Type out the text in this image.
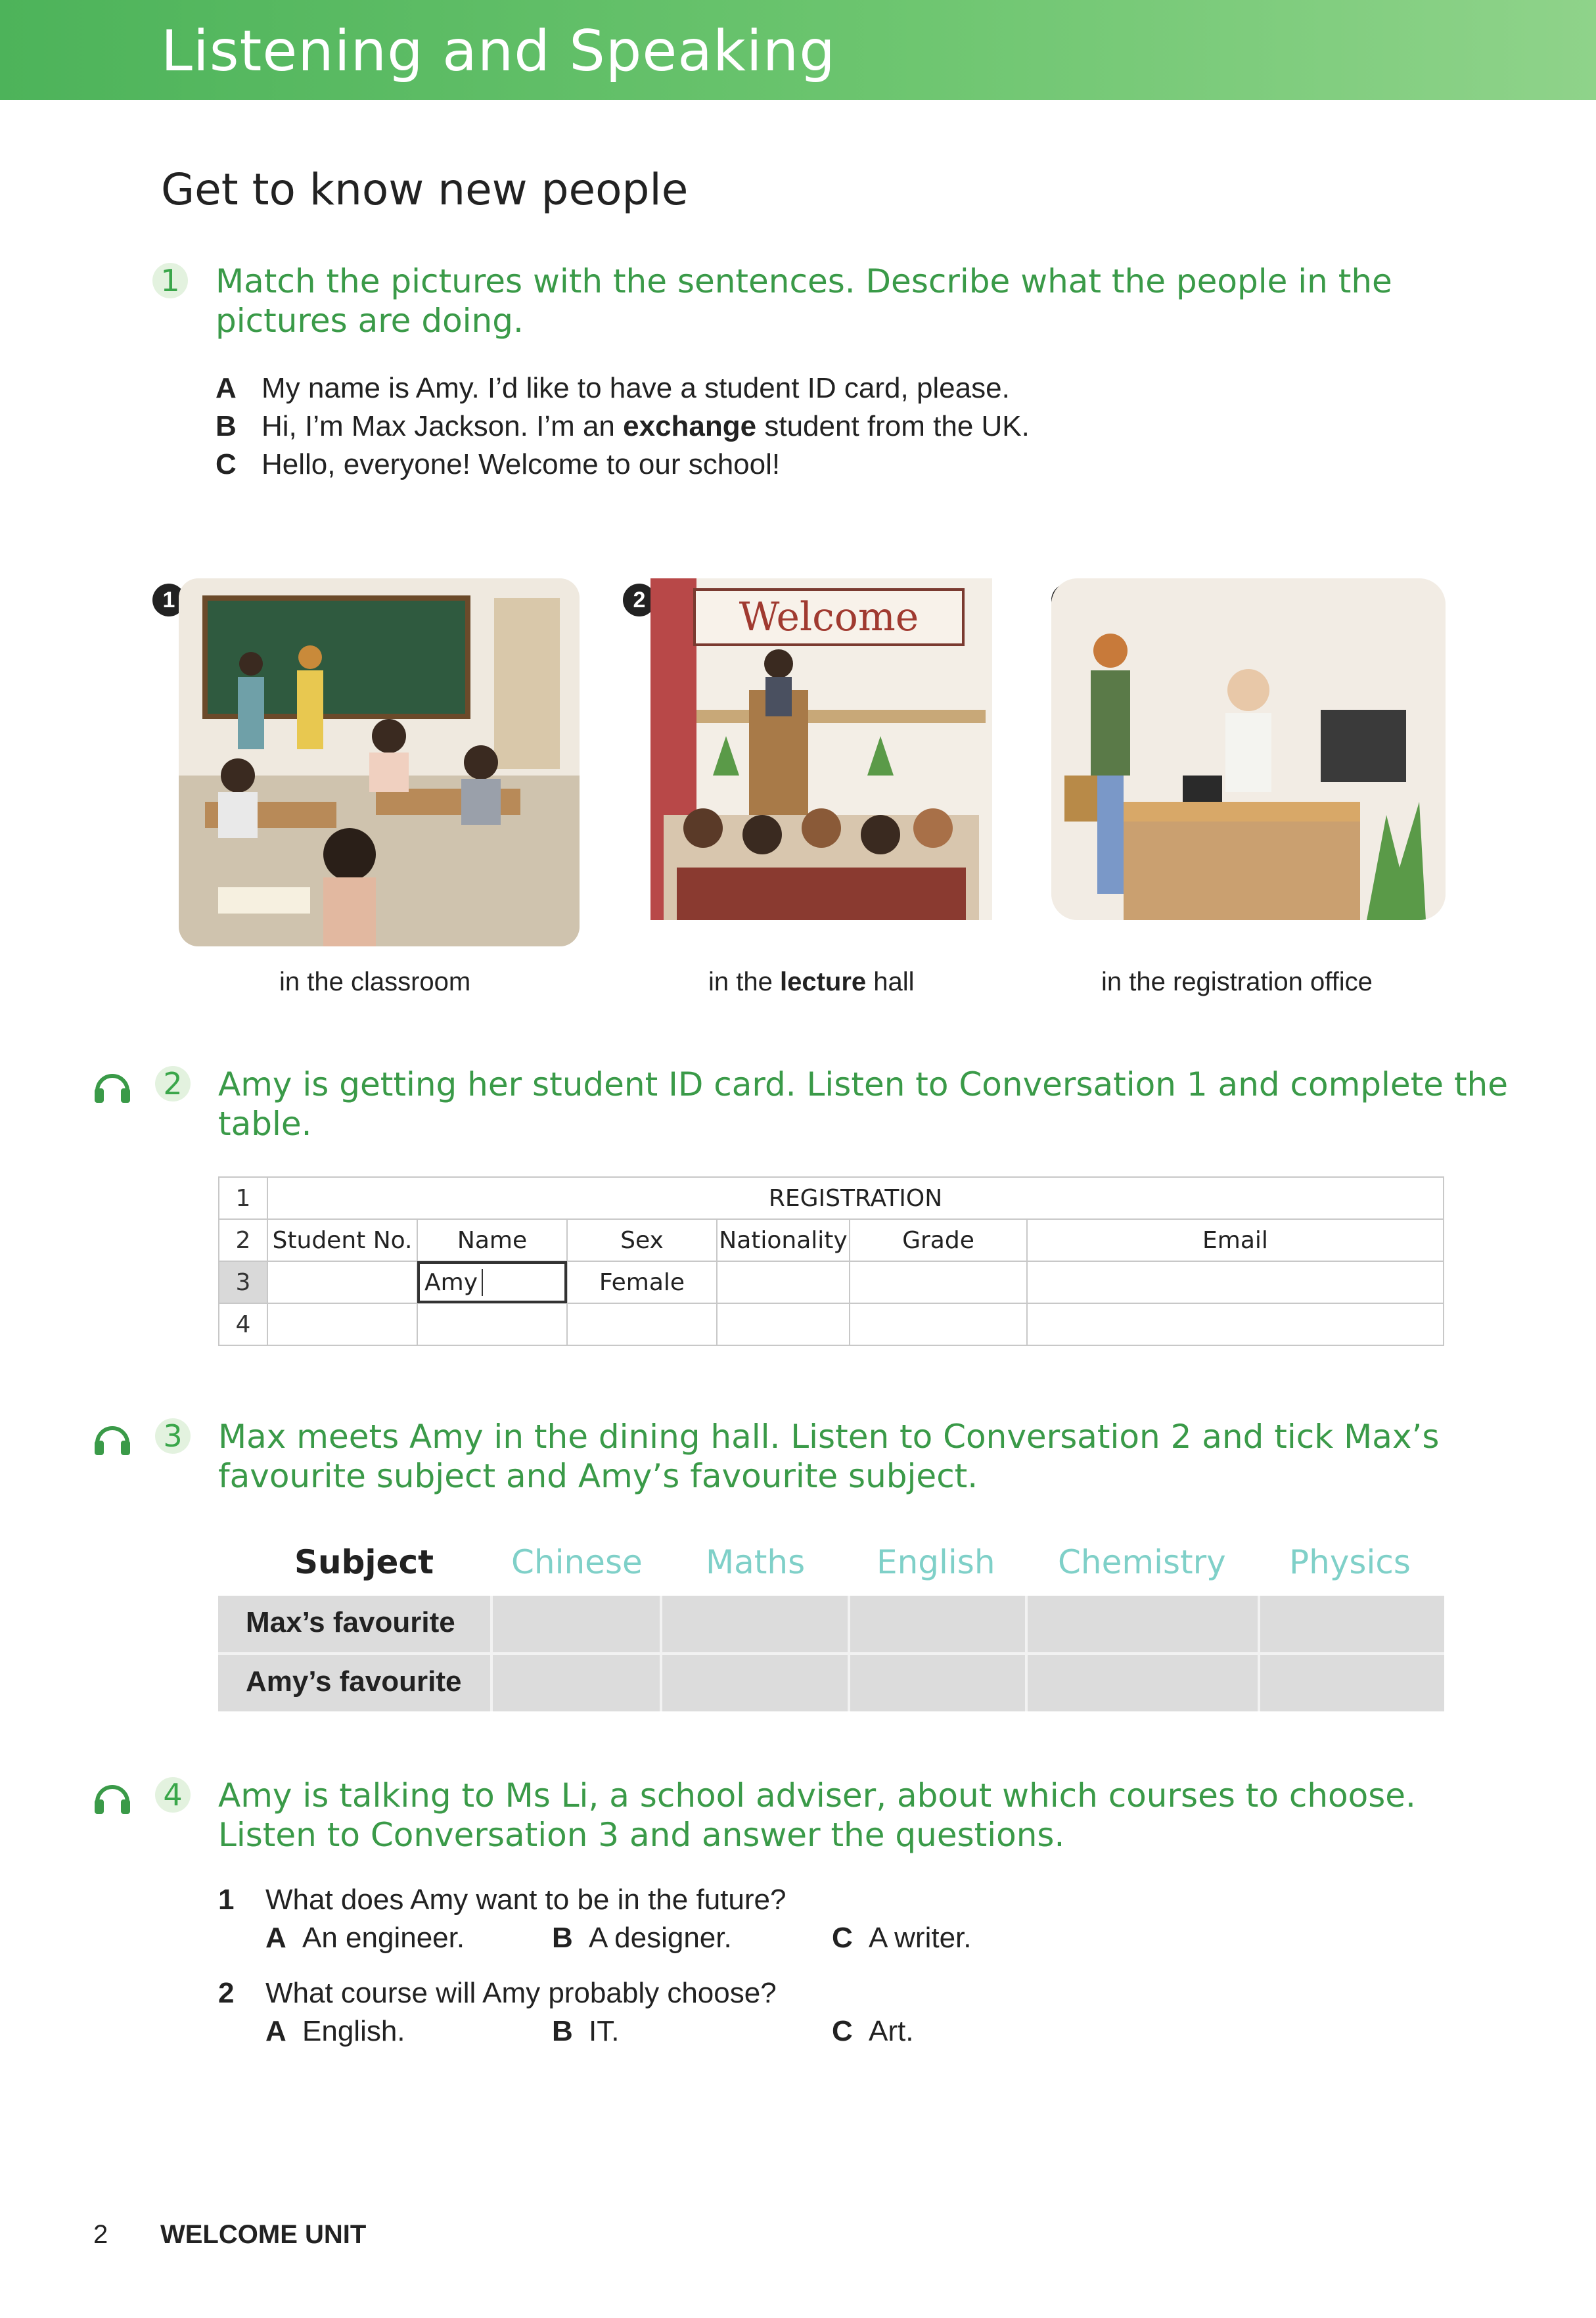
Listening and Speaking
Get to know new people
1 Match the pictures with the sentences. Describe what the people in the
pictures are doing.
A My name is Amy. I’d like to have a student ID card, please.
B Hi, I’m Max Jackson. I’m an exchange student from the UK.
C Hello, everyone! Welcome to our school!
1
in the classroom
2	Welcome
in the lecture hall	in the registration office
2 Amy is getting her student ID card. Listen to Conversation 1 and complete the
table.
1	REGISTRATION					
2	Student No.	Name	Sex	Nationality	Grade	Email
3		Amy	Female			
4						
3 Max meets Amy in the dining hall. Listen to Conversation 2 and tick Max’s
favourite subject and Amy’s favourite subject.
Subject Chinese Maths English Chemistry Physics
Max’s favourite
Amy’s favourite
4 Amy is talking to Ms Li, a school adviser, about which courses to choose.
Listen to Conversation 3 and answer the questions.
1 What does Amy want to be in the future?
A An engineer.	B A designer.	C A writer.
2 What course will Amy probably choose?
A English.	B IT.	C Art.
2 WELCOME UNIT
